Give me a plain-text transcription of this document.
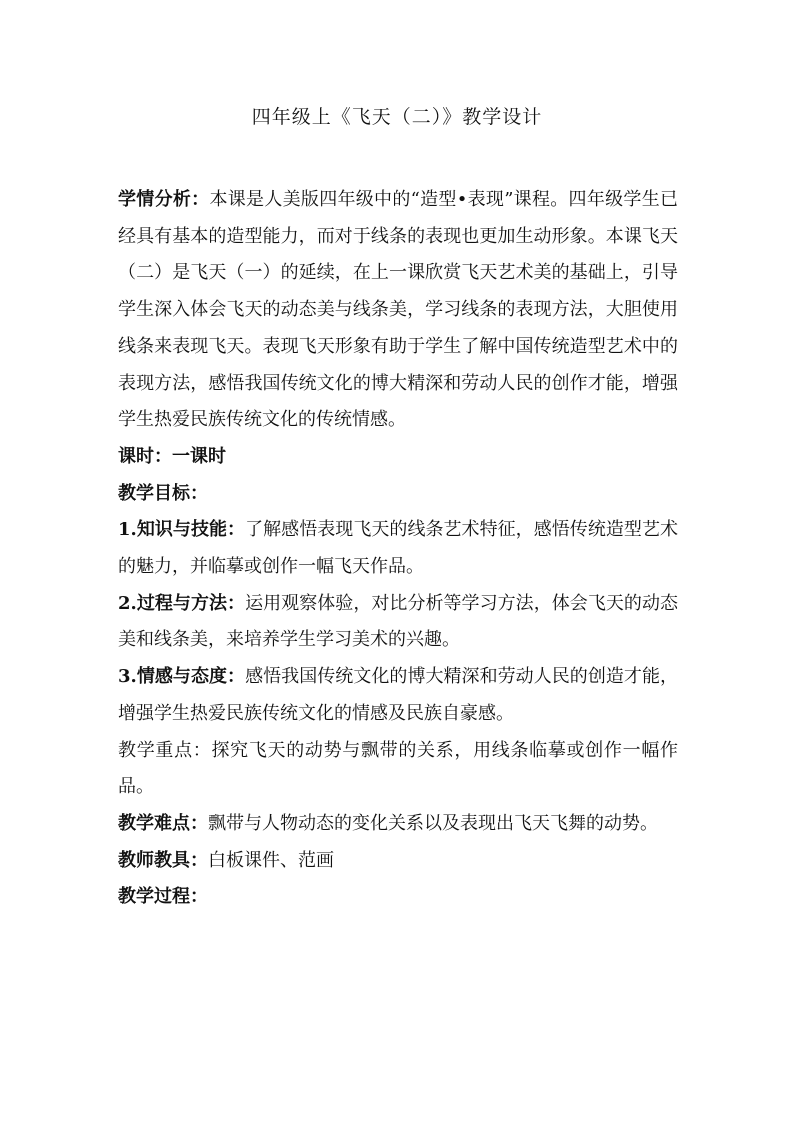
四年级上《飞天（二）》教学设计

学情分析：本课是人美版四年级中的“造型•表现”课程。四年级学生已经具有基本的造型能力，而对于线条的表现也更加生动形象。本课飞天（二）是飞天（一）的延续，在上一课欣赏飞天艺术美的基础上，引导学生深入体会飞天的动态美与线条美，学习线条的表现方法，大胆使用线条来表现飞天。表现飞天形象有助于学生了解中国传统造型艺术中的表现方法，感悟我国传统文化的博大精深和劳动人民的创作才能，增强学生热爱民族传统文化的传统情感。

课时：一课时

教学目标：

1.知识与技能：了解感悟表现飞天的线条艺术特征，感悟传统造型艺术的魅力，并临摹或创作一幅飞天作品。

2.过程与方法：运用观察体验，对比分析等学习方法，体会飞天的动态美和线条美，来培养学生学习美术的兴趣。

3.情感与态度：感悟我国传统文化的博大精深和劳动人民的创造才能，增强学生热爱民族传统文化的情感及民族自豪感。

教学重点：探究飞天的动势与飘带的关系，用线条临摹或创作一幅作品。

教学难点：飘带与人物动态的变化关系以及表现出飞天飞舞的动势。

教师教具：白板课件、范画

教学过程：
